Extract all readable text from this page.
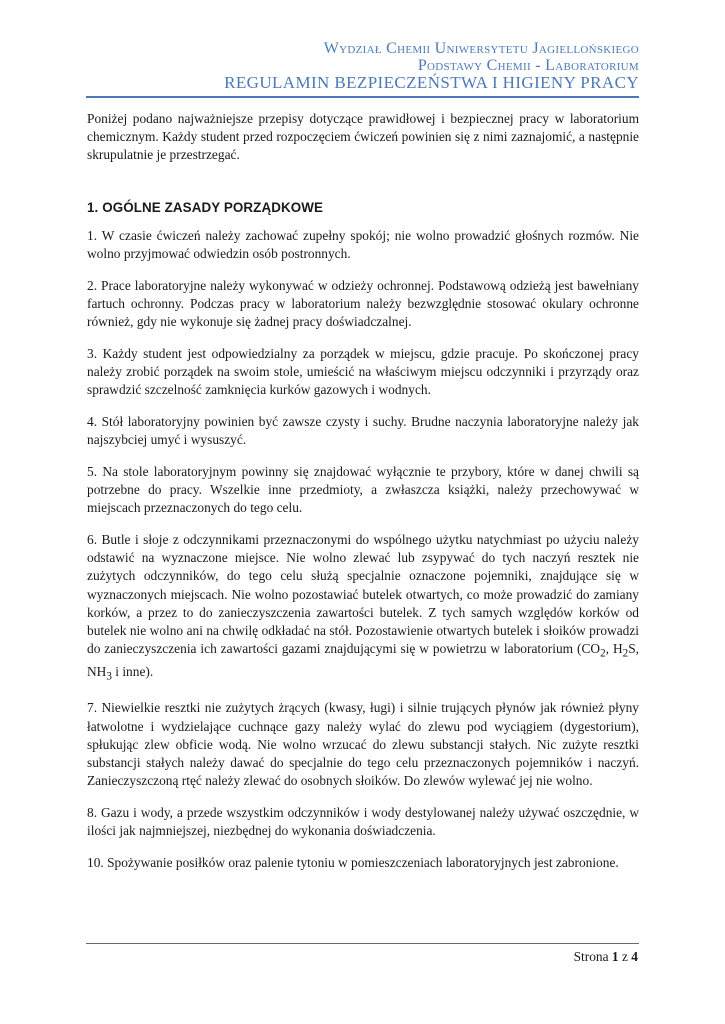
Wydział Chemii Uniwersytetu Jagiellońskiego
Podstawy Chemii - Laboratorium
REGULAMIN BEZPIECZEŃSTWA I HIGIENY PRACY

Poniżej podano najważniejsze przepisy dotyczące prawidłowej i bezpiecznej pracy w laboratorium chemicznym. Każdy student przed rozpoczęciem ćwiczeń powinien się z nimi zaznajomić, a następnie skrupulatnie je przestrzegać.

1. OGÓLNE ZASADY PORZĄDKOWE

1. W czasie ćwiczeń należy zachować zupełny spokój; nie wolno prowadzić głośnych rozmów. Nie wolno przyjmować odwiedzin osób postronnych.

2. Prace laboratoryjne należy wykonywać w odzieży ochronnej. Podstawową odzieżą jest bawełniany fartuch ochronny. Podczas pracy w laboratorium należy bezwzględnie stosować okulary ochronne również, gdy nie wykonuje się żadnej pracy doświadczalnej.

3. Każdy student jest odpowiedzialny za porządek w miejscu, gdzie pracuje. Po skończonej pracy należy zrobić porządek na swoim stole, umieścić na właściwym miejscu odczynniki i przyrządy oraz sprawdzić szczelność zamknięcia kurków gazowych i wodnych.

4. Stół laboratoryjny powinien być zawsze czysty i suchy. Brudne naczynia laboratoryjne należy jak najszybciej umyć i wysuszyć.

5. Na stole laboratoryjnym powinny się znajdować wyłącznie te przybory, które w danej chwili są potrzebne do pracy. Wszelkie inne przedmioty, a zwłaszcza książki, należy przechowywać w miejscach przeznaczonych do tego celu.

6. Butle i słoje z odczynnikami przeznaczonymi do wspólnego użytku natychmiast po użyciu należy odstawić na wyznaczone miejsce. Nie wolno zlewać lub zsypywać do tych naczyń resztek nie zużytych odczynników, do tego celu służą specjalnie oznaczone pojemniki, znajdujące się w wyznaczonych miejscach. Nie wolno pozostawiać butelek otwartych, co może prowadzić do zamiany korków, a przez to do zanieczyszczenia zawartości butelek. Z tych samych względów korków od butelek nie wolno ani na chwilę odkładać na stół. Pozostawienie otwartych butelek i słoików prowadzi do zanieczyszczenia ich zawartości gazami znajdującymi się w powietrzu w laboratorium ($CO_2$, $H_2S$, $NH_3$ i inne).

7. Niewielkie resztki nie zużytych żrących (kwasy, ługi) i silnie trujących płynów jak również płyny łatwolotne i wydzielające cuchnące gazy należy wylać do zlewu pod wyciągiem (dygestorium), spłukując zlew obficie wodą. Nie wolno wrzucać do zlewu substancji stałych. Nic zużyte resztki substancji stałych należy dawać do specjalnie do tego celu przeznaczonych pojemników i naczyń. Zanieczyszczoną rtęć należy zlewać do osobnych słoików. Do zlewów wylewać jej nie wolno.

8. Gazu i wody, a przede wszystkim odczynników i wody destylowanej należy używać oszczędnie, w ilości jak najmniejszej, niezbędnej do wykonania doświadczenia.

10. Spożywanie posiłków oraz palenie tytoniu w pomieszczeniach laboratoryjnych jest zabronione.

Strona 1 z 4
